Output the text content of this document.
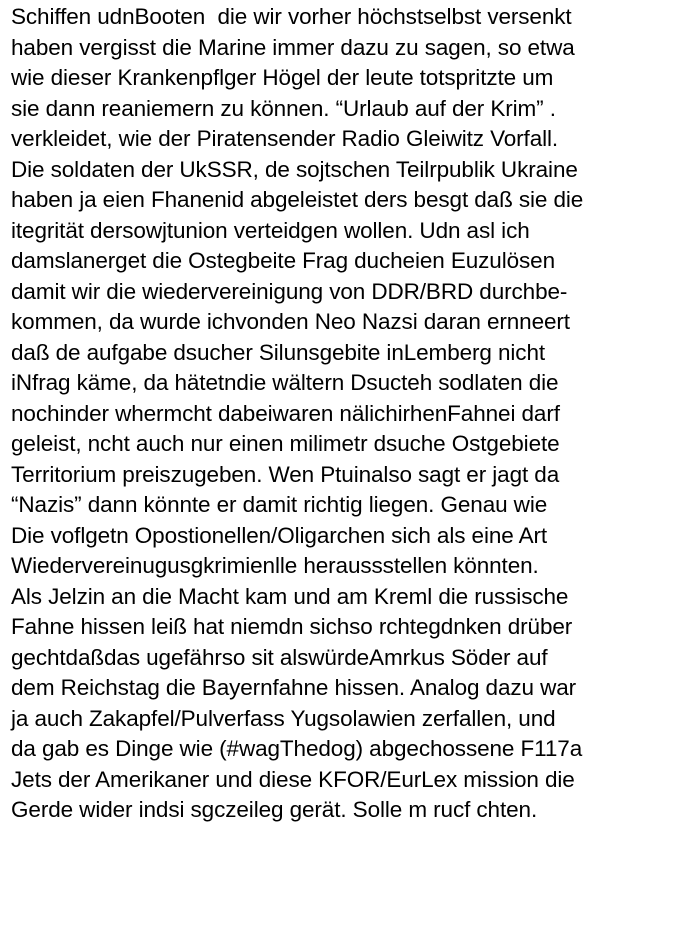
Schiffen udnBooten  die wir vorher höchstselbst versenkt
haben vergisst die Marine immer dazu zu sagen, so etwa
wie dieser Krankenpflger Högel der leute totspritzte um
sie dann reaniemern zu können. “Urlaub auf der Krim” .
verkleidet, wie der Piratensender Radio Gleiwitz Vorfall.
Die soldaten der UkSSR, de sojtschen Teilrpublik Ukraine
haben ja eien Fhanenid abgeleistet ders besgt daß sie die
itegrität dersowjtunion verteidgen wollen. Udn asl ich
damslanerget die Ostegbeite Frag ducheien Euzulösen
damit wir die wiedervereinigung von DDR/BRD durchbe-
kommen, da wurde ichvonden Neo Nazsi daran ernneert
daß de aufgabe dsucher Silunsgebite inLemberg nicht
iNfrag käme, da hätetndie wältern Dsucteh sodlaten die
nochinder whermcht dabeiwaren nälichirhenFahnei darf
geleist, ncht auch nur einen milimetr dsuche Ostgebiete
Territorium preiszugeben. Wen Ptuinalso sagt er jagt da
“Nazis” dann könnte er damit richtig liegen. Genau wie
Die voflgetn Opostionellen/Oligarchen sich als eine Art
Wiedervereinugusgkrimienlle heraussstellen könnten.
Als Jelzin an die Macht kam und am Kreml die russische
Fahne hissen leiß hat niemdn sichso rchtegdnken drüber
gechtdaßdas ugefährso sit alswürdeAmrkus Söder auf
dem Reichstag die Bayernfahne hissen. Analog dazu war
ja auch Zakapfel/Pulverfass Yugsolawien zerfallen, und
da gab es Dinge wie (#wagThedog) abgechossene F117a
Jets der Amerikaner und diese KFOR/EurLex mission die
Gerde wider indsi sgczeileg gerät. Solle m rucf chten.
